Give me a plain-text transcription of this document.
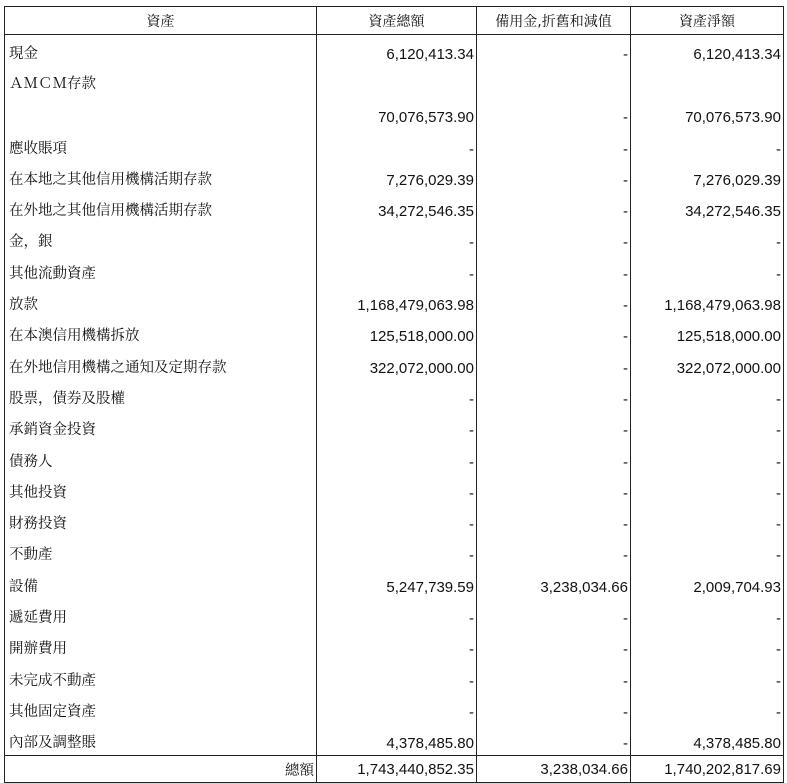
資產	資產總額	備用金,折舊和減值	資產淨額
現金	6,120,413.34	-	6,120,413.34
ＡＭＣＭ存款	70,076,573.90	-	70,076,573.90
應收賬項	-	-	-
在本地之其他信用機構活期存款	7,276,029.39	-	7,276,029.39
在外地之其他信用機構活期存款	34,272,546.35	-	34,272,546.35
金，銀	-	-	-
其他流動資產	-	-	-
放款	1,168,479,063.98	-	1,168,479,063.98
在本澳信用機構拆放	125,518,000.00	-	125,518,000.00
在外地信用機構之通知及定期存款	322,072,000.00	-	322,072,000.00
股票，債券及股權	-	-	-
承銷資金投資	-	-	-
債務人	-	-	-
其他投資	-	-	-
財務投資	-	-	-
不動產	-	-	-
設備	5,247,739.59	3,238,034.66	2,009,704.93
遞延費用	-	-	-
開辦費用	-	-	-
未完成不動產	-	-	-
其他固定資產	-	-	-
內部及調整賬	4,378,485.80	-	4,378,485.80
總額	1,743,440,852.35	3,238,034.66	1,740,202,817.69
